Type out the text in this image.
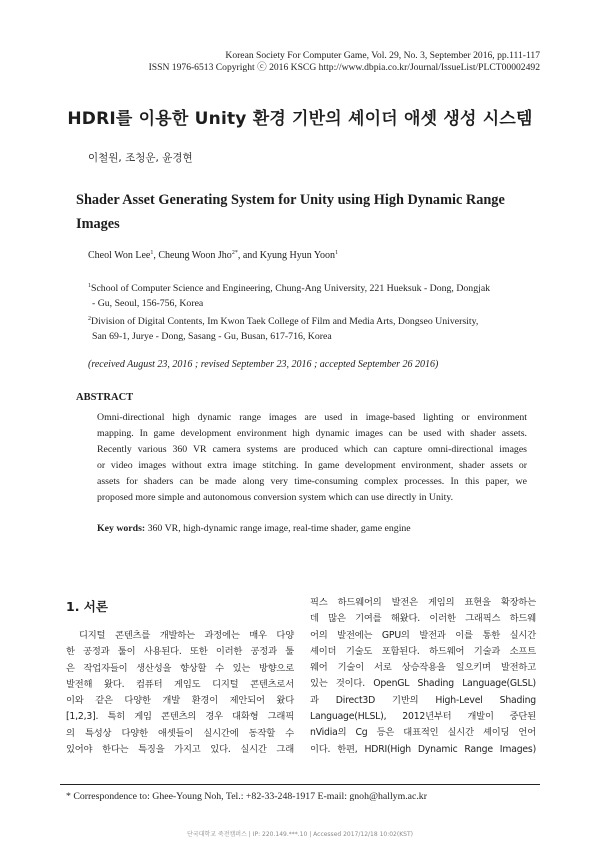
Korean Society For Computer Game, Vol. 29, No. 3, September 2016, pp.111-117
ISSN 1976-6513 Copyright ⓒ 2016 KSCG http://www.dbpia.co.kr/Journal/IssueList/PLCT00002492
HDRI를 이용한 Unity 환경 기반의 셰이더 애셋 생성 시스템
이철원, 조청운, 윤경현
Shader Asset Generating System for Unity using High Dynamic Range
Images
Cheol Won Lee$^1$, Cheung Woon Jho$^{2*}$, and Kyung Hyun Yoon$^1$
$^1$School of Computer Science and Engineering, Chung-Ang University, 221 Hueksuk - Dong, Dongjak
- Gu, Seoul, 156-756, Korea
$^2$Division of Digital Contents, Im Kwon Taek College of Film and Media Arts, Dongseo University,
San 69-1, Jurye - Dong, Sasang - Gu, Busan, 617-716, Korea
(received August 23, 2016 ; revised September 23, 2016 ; accepted September 26 2016)
ABSTRACT
Omni-directional high dynamic range images are used in image-based lighting or environment
mapping. In game development environment high dynamic images can be used with shader assets.
Recently various 360 VR camera systems are produced which can capture omni-directional images
or video images without extra image stitching. In game development environment, shader assets or
assets for shaders can be made along very time-consuming complex processes. In this paper, we
proposed more simple and autonomous conversion system which can use directly in Unity.
Key words: 360 VR, high-dynamic range image, real-time shader, game engine
1. 서론
디지털 콘텐츠를 개발하는 과정에는 매우 다양
한 공정과 툴이 사용된다. 또한 이러한 공정과 툴
은 작업자들이 생산성을 향상할 수 있는 방향으로
발전해 왔다. 컴퓨터 게임도 디지털 콘텐츠로서
이와 같은 다양한 개발 환경이 제안되어 왔다
[1,2,3]. 특히 게임 콘텐츠의 경우 대화형 그래픽
의 특성상 다양한 애셋들이 실시간에 동작할 수
있어야 한다는 특징을 가지고 있다. 실시간 그래
픽스 하드웨어의 발전은 게임의 표현을 확장하는
데 많은 기여를 해왔다. 이러한 그래픽스 하드웨
어의 발전에는 GPU의 발전과 이를 통한 실시간
셰이더 기술도 포함된다. 하드웨어 기술과 소프트
웨어 기술이 서로 상승작용을 일으키며 발전하고
있는 것이다. OpenGL Shading Language(GLSL)
과 Direct3D 기반의 High-Level Shading
Language(HLSL), 2012년부터 개발이 중단된
nVidia의 Cg 등은 대표적인 실시간 셰이딩 언어
이다. 한편, HDRI(High Dynamic Range Images)
* Correspondence to: Ghee-Young Noh, Tel.: +82-33-248-1917 E-mail: gnoh@hallym.ac.kr
단국대학교 죽전캠퍼스 | IP: 220.149.***.10 | Accessed 2017/12/18 10:02(KST)
